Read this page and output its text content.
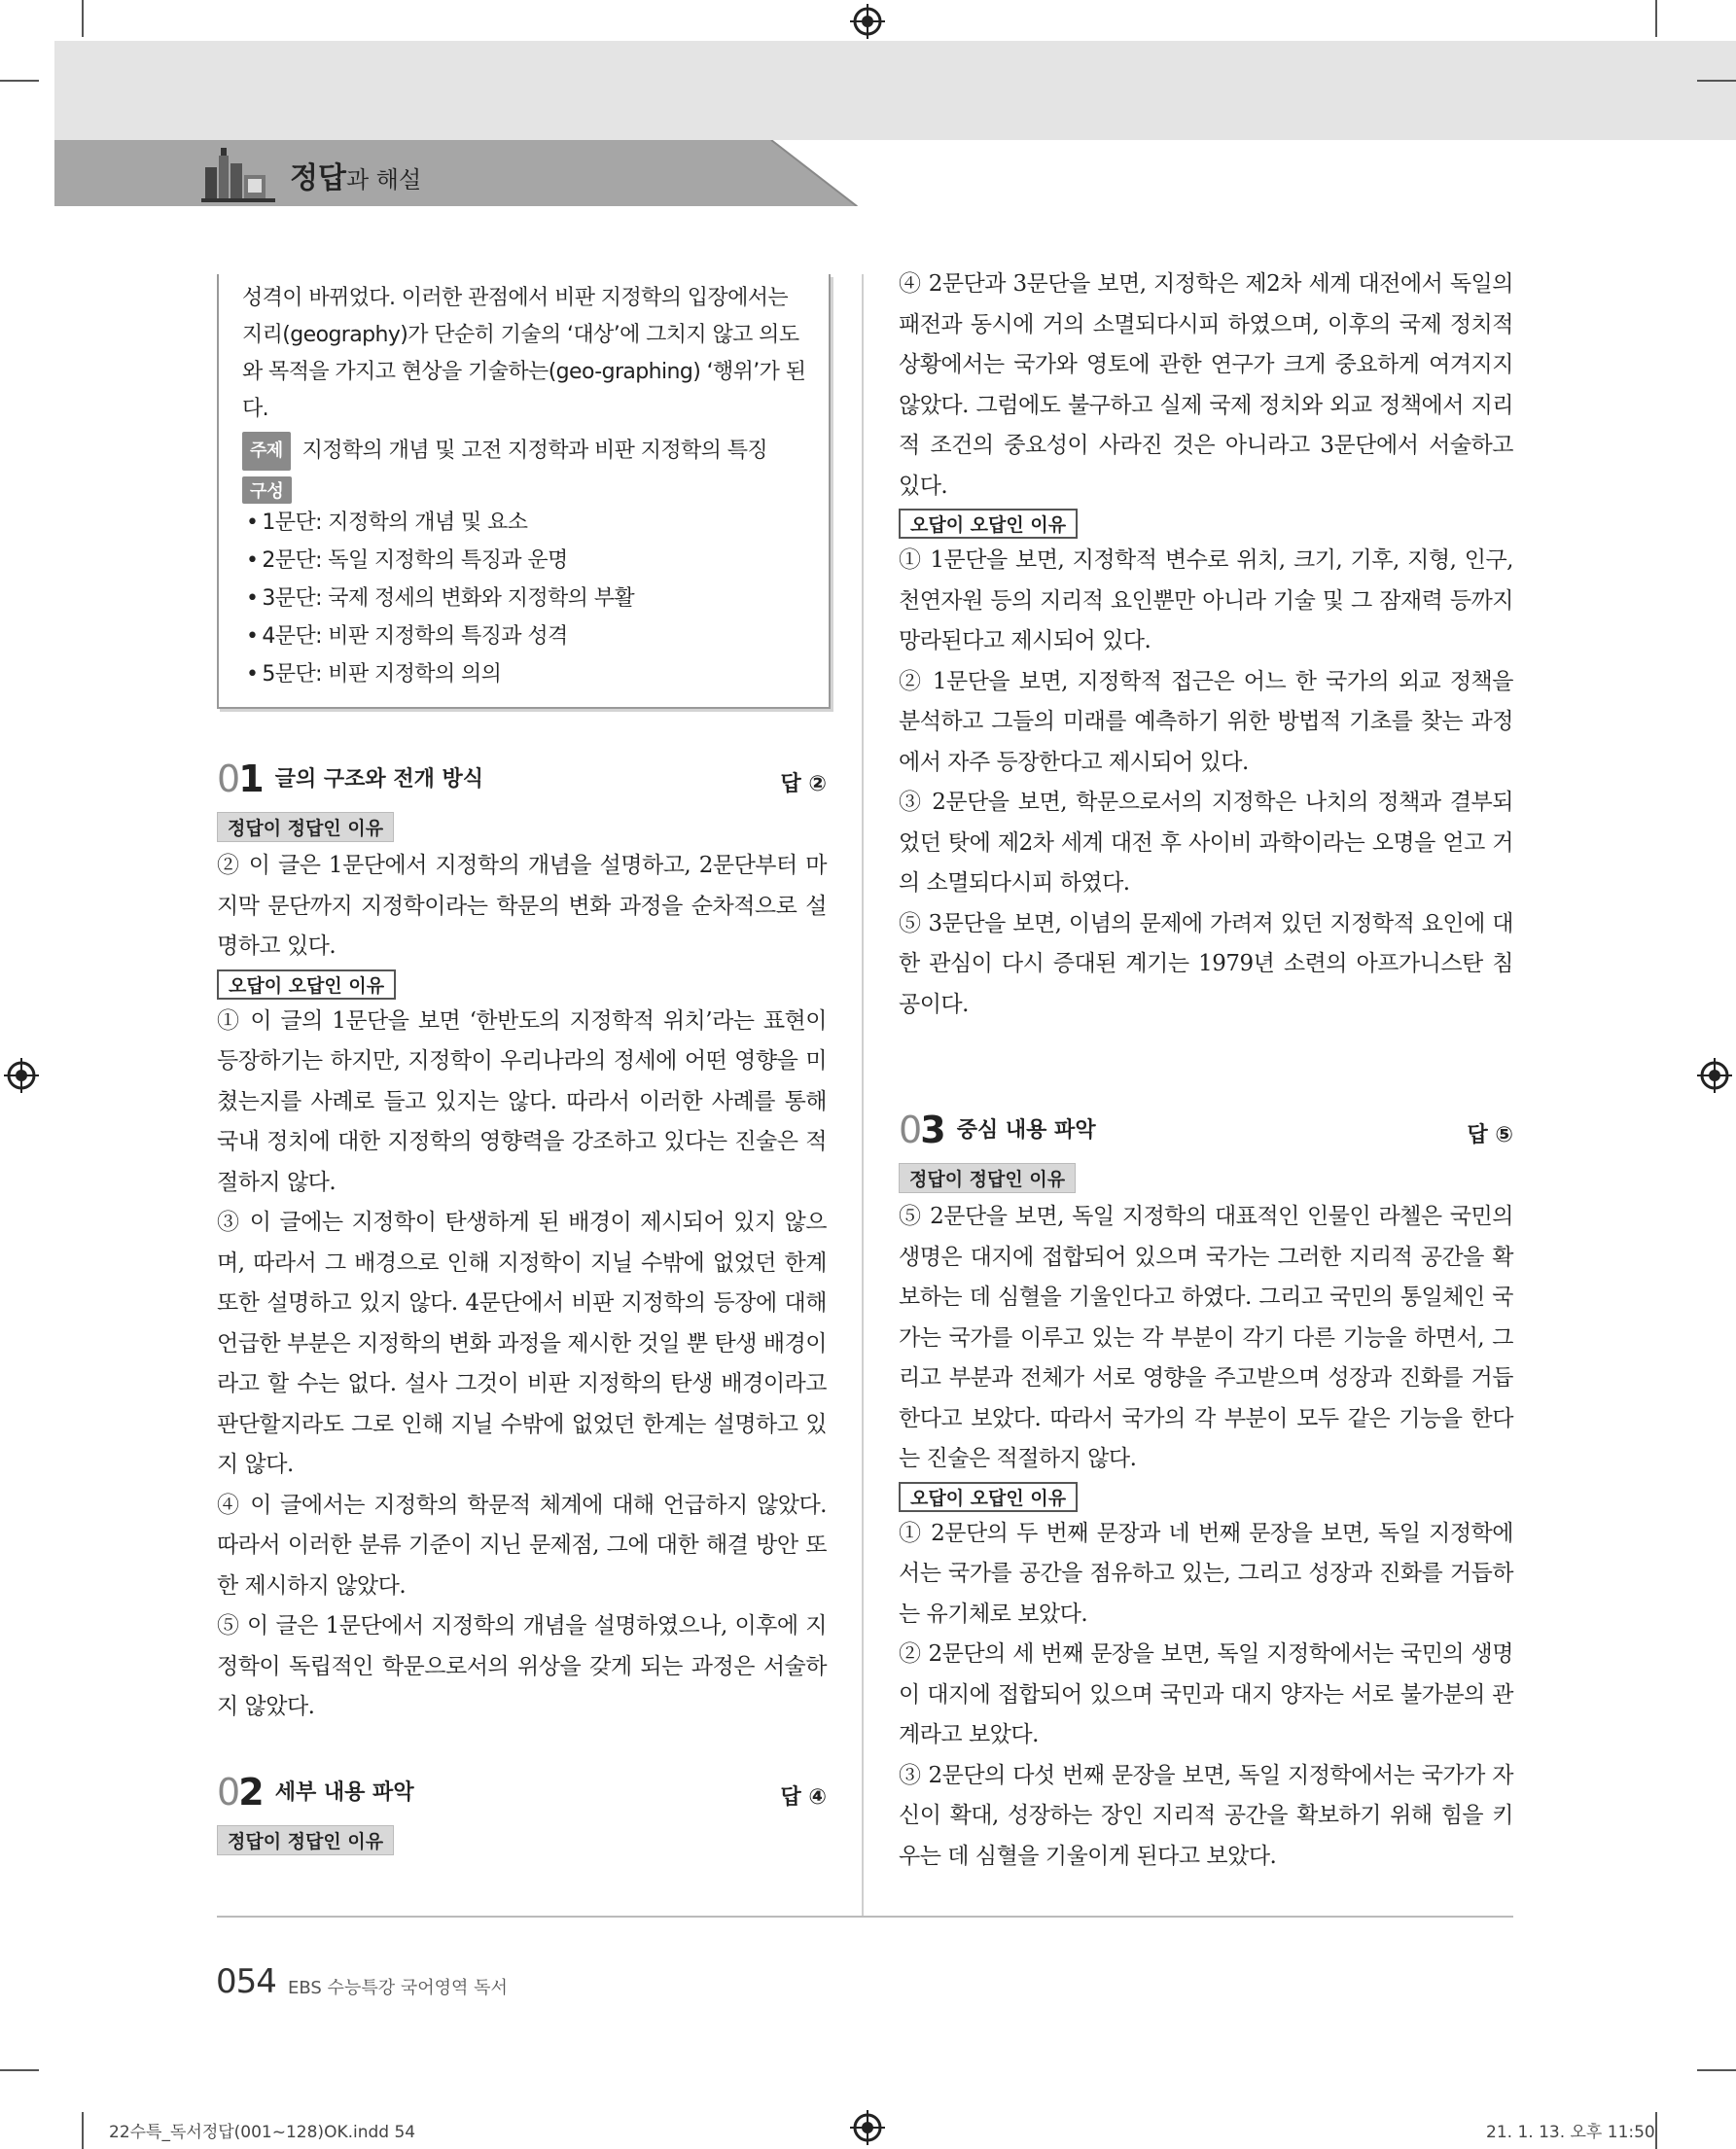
정답과 해설

성격이 바뀌었다. 이러한 관점에서 비판 지정학의 입장에서는 지리(geography)가 단순히 기술의 ‘대상’에 그치지 않고 의도와 목적을 가지고 현상을 기술하는(geo-graphing) ‘행위’가 된다.

주제 지정학의 개념 및 고전 지정학과 비판 지정학의 특징
구성
• 1문단: 지정학의 개념 및 요소
• 2문단: 독일 지정학의 특징과 운명
• 3문단: 국제 정세의 변화와 지정학의 부활
• 4문단: 비판 지정학의 특징과 성격
• 5문단: 비판 지정학의 의의
01 글의 구조와 전개 방식	답 ②
정답이 정답인 이유

② 이 글은 1문단에서 지정학의 개념을 설명하고, 2문단부터 마지막 문단까지 지정학이라는 학문의 변화 과정을 순차적으로 설명하고 있다.

오답이 오답인 이유

① 이 글의 1문단을 보면 ‘한반도의 지정학적 위치’라는 표현이 등장하기는 하지만, 지정학이 우리나라의 정세에 어떤 영향을 미쳤는지를 사례로 들고 있지는 않다. 따라서 이러한 사례를 통해 국내 정치에 대한 지정학의 영향력을 강조하고 있다는 진술은 적절하지 않다.

③ 이 글에는 지정학이 탄생하게 된 배경이 제시되어 있지 않으며, 따라서 그 배경으로 인해 지정학이 지닐 수밖에 없었던 한계 또한 설명하고 있지 않다. 4문단에서 비판 지정학의 등장에 대해 언급한 부분은 지정학의 변화 과정을 제시한 것일 뿐 탄생 배경이라고 할 수는 없다. 설사 그것이 비판 지정학의 탄생 배경이라고 판단할지라도 그로 인해 지닐 수밖에 없었던 한계는 설명하고 있지 않다.

④ 이 글에서는 지정학의 학문적 체계에 대해 언급하지 않았다. 따라서 이러한 분류 기준이 지닌 문제점, 그에 대한 해결 방안 또한 제시하지 않았다.

⑤ 이 글은 1문단에서 지정학의 개념을 설명하였으나, 이후에 지정학이 독립적인 학문으로서의 위상을 갖게 되는 과정은 서술하지 않았다.

02 세부 내용 파악	답 ④
정답이 정답인 이유

④ 2문단과 3문단을 보면, 지정학은 제2차 세계 대전에서 독일의 패전과 동시에 거의 소멸되다시피 하였으며, 이후의 국제 정치적 상황에서는 국가와 영토에 관한 연구가 크게 중요하게 여겨지지 않았다. 그럼에도 불구하고 실제 국제 정치와 외교 정책에서 지리적 조건의 중요성이 사라진 것은 아니라고 3문단에서 서술하고 있다.

오답이 오답인 이유

① 1문단을 보면, 지정학적 변수로 위치, 크기, 기후, 지형, 인구, 천연자원 등의 지리적 요인뿐만 아니라 기술 및 그 잠재력 등까지 망라된다고 제시되어 있다.

② 1문단을 보면, 지정학적 접근은 어느 한 국가의 외교 정책을 분석하고 그들의 미래를 예측하기 위한 방법적 기초를 찾는 과정에서 자주 등장한다고 제시되어 있다.

③ 2문단을 보면, 학문으로서의 지정학은 나치의 정책과 결부되었던 탓에 제2차 세계 대전 후 사이비 과학이라는 오명을 얻고 거의 소멸되다시피 하였다.

⑤ 3문단을 보면, 이념의 문제에 가려져 있던 지정학적 요인에 대한 관심이 다시 증대된 계기는 1979년 소련의 아프가니스탄 침공이다.

03 중심 내용 파악	답 ⑤
정답이 정답인 이유

⑤ 2문단을 보면, 독일 지정학의 대표적인 인물인 라첼은 국민의 생명은 대지에 접합되어 있으며 국가는 그러한 지리적 공간을 확보하는 데 심혈을 기울인다고 하였다. 그리고 국민의 통일체인 국가는 국가를 이루고 있는 각 부분이 각기 다른 기능을 하면서, 그리고 부분과 전체가 서로 영향을 주고받으며 성장과 진화를 거듭한다고 보았다. 따라서 국가의 각 부분이 모두 같은 기능을 한다는 진술은 적절하지 않다.

오답이 오답인 이유

① 2문단의 두 번째 문장과 네 번째 문장을 보면, 독일 지정학에서는 국가를 공간을 점유하고 있는, 그리고 성장과 진화를 거듭하는 유기체로 보았다.

② 2문단의 세 번째 문장을 보면, 독일 지정학에서는 국민의 생명이 대지에 접합되어 있으며 국민과 대지 양자는 서로 불가분의 관계라고 보았다.

③ 2문단의 다섯 번째 문장을 보면, 독일 지정학에서는 국가가 자신이 확대, 성장하는 장인 지리적 공간을 확보하기 위해 힘을 키우는 데 심혈을 기울이게 된다고 보았다.

054 EBS 수능특강 국어영역 독서
22수특_독서정답(001~128)OK.indd 54	21. 1. 13. 오후 11:50
